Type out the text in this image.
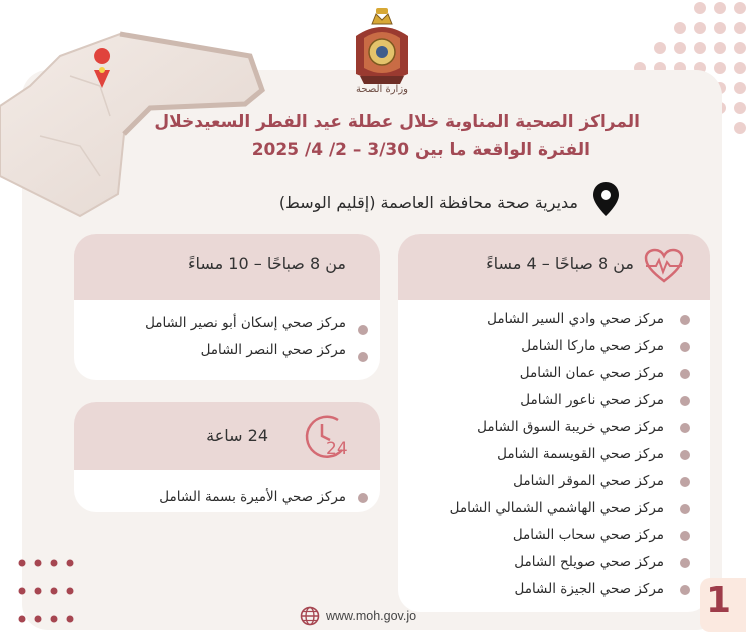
وزارة الصحة
المراكز الصحية المناوبة خلال عطلة عيد الفطر السعيدخلال
الفترة الواقعة ما بين 3/30 – 2/ 4/ 2025
مديرية صحة محافظة العاصمة (إقليم الوسط)
من 8 صباحًا – 4 مساءً
مركز صحي وادي السير الشامل
مركز صحي ماركا الشامل
مركز صحي عمان الشامل
مركز صحي ناعور الشامل
مركز صحي خريبة السوق الشامل
مركز صحي القويسمة الشامل
مركز صحي الموقر الشامل
مركز صحي الهاشمي الشمالي الشامل
مركز صحي سحاب الشامل
مركز صحي صويلح الشامل
مركز صحي الجيزة الشامل
من 8 صباحًا – 10 مساءً
مركز صحي إسكان أبو نصير الشامل
مركز صحي النصر الشامل
24
24 ساعة
مركز صحي الأميرة بسمة الشامل
www.moh.gov.jo	1
